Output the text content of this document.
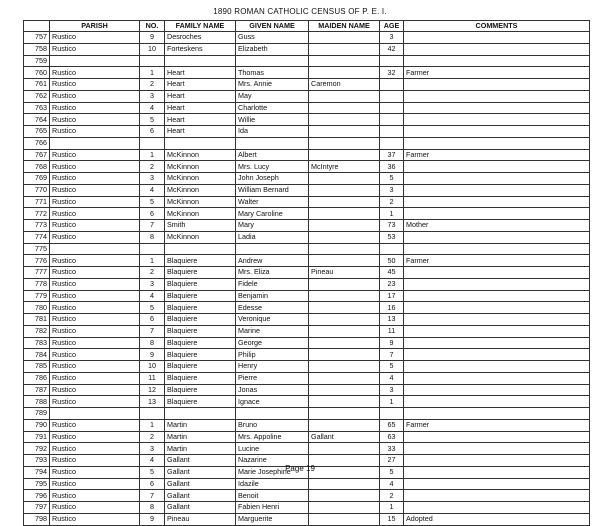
1890 ROMAN CATHOLIC CENSUS OF P. E. I.
	PARISH	NO.	FAMILY NAME	GIVEN NAME	MAIDEN NAME	AGE	COMMENTS
757	Rustico	9	Desroches	Guss		3	
758	Rustico	10	Forteskens	Elizabeth		42	
759							
760	Rustico	1	Heart	Thomas		32	Farmer
761	Rustico	2	Heart	Mrs. Annie	Caremon		
762	Rustico	3	Heart	May			
763	Rustico	4	Heart	Charlotte			
764	Rustico	5	Heart	Willie			
765	Rustico	6	Heart	Ida			
766							
767	Rustico	1	McKinnon	Albert		37	Farmer
768	Rustico	2	McKinnon	Mrs. Lucy	McIntyre	36	
769	Rustico	3	McKinnon	John Joseph		5	
770	Rustico	4	McKinnon	William Bernard		3	
771	Rustico	5	McKinnon	Walter		2	
772	Rustico	6	McKinnon	Mary Caroline		1	
773	Rustico	7	Smith	Mary		73	Mother
774	Rustico	8	McKinnon	Ladia		53	
775							
776	Rustico	1	Blaquiere	Andrew		50	Farmer
777	Rustico	2	Blaquiere	Mrs. Eliza	Pineau	45	
778	Rustico	3	Blaquiere	Fidele		23	
779	Rustico	4	Blaquiere	Benjamin		17	
780	Rustico	5	Blaquiere	Edesse		16	
781	Rustico	6	Blaquiere	Veronique		13	
782	Rustico	7	Blaquiere	Marine		11	
783	Rustico	8	Blaquiere	George		9	
784	Rustico	9	Blaquiere	Philip		7	
785	Rustico	10	Blaquiere	Henry		5	
786	Rustico	11	Blaquiere	Pierre		4	
787	Rustico	12	Blaquiere	Jonas		3	
788	Rustico	13	Blaquiere	Ignace		1	
789							
790	Rustico	1	Martin	Bruno		65	Farmer
791	Rustico	2	Martin	Mrs. Appoline	Gallant	63	
792	Rustico	3	Martin	Lucine		33	
793	Rustico	4	Gallant	Nazarine		27	
794	Rustico	5	Gallant	Marie Josephine		5	
795	Rustico	6	Gallant	Idazile		4	
796	Rustico	7	Gallant	Benoit		2	
797	Rustico	8	Gallant	Fabien Henri		1	
798	Rustico	9	Pineau	Marguerite		15	Adopted
Page 19
